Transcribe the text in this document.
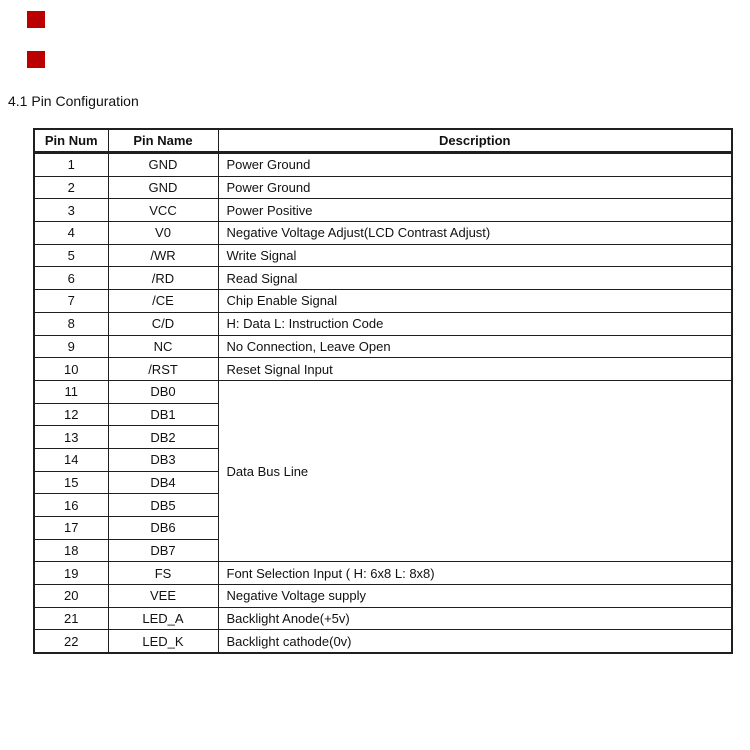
4.1 Pin Configuration
Pin Num	Pin Name	Description
1	GND	Power Ground
2	GND	Power Ground
3	VCC	Power Positive
4	V0	Negative Voltage Adjust(LCD Contrast Adjust)
5	/WR	Write Signal
6	/RD	Read Signal
7	/CE	Chip Enable Signal
8	C/D	H: Data L: Instruction Code
9	NC	No Connection, Leave Open
10	/RST	Reset Signal Input
11	DB0	Data Bus Line
12	DB1	
13	DB2	
14	DB3	
15	DB4	
16	DB5	
17	DB6	
18	DB7	
19	FS	Font Selection Input ( H: 6x8 L: 8x8)
20	VEE	Negative Voltage supply
21	LED_A	Backlight Anode(+5v)
22	LED_K	Backlight cathode(0v)
